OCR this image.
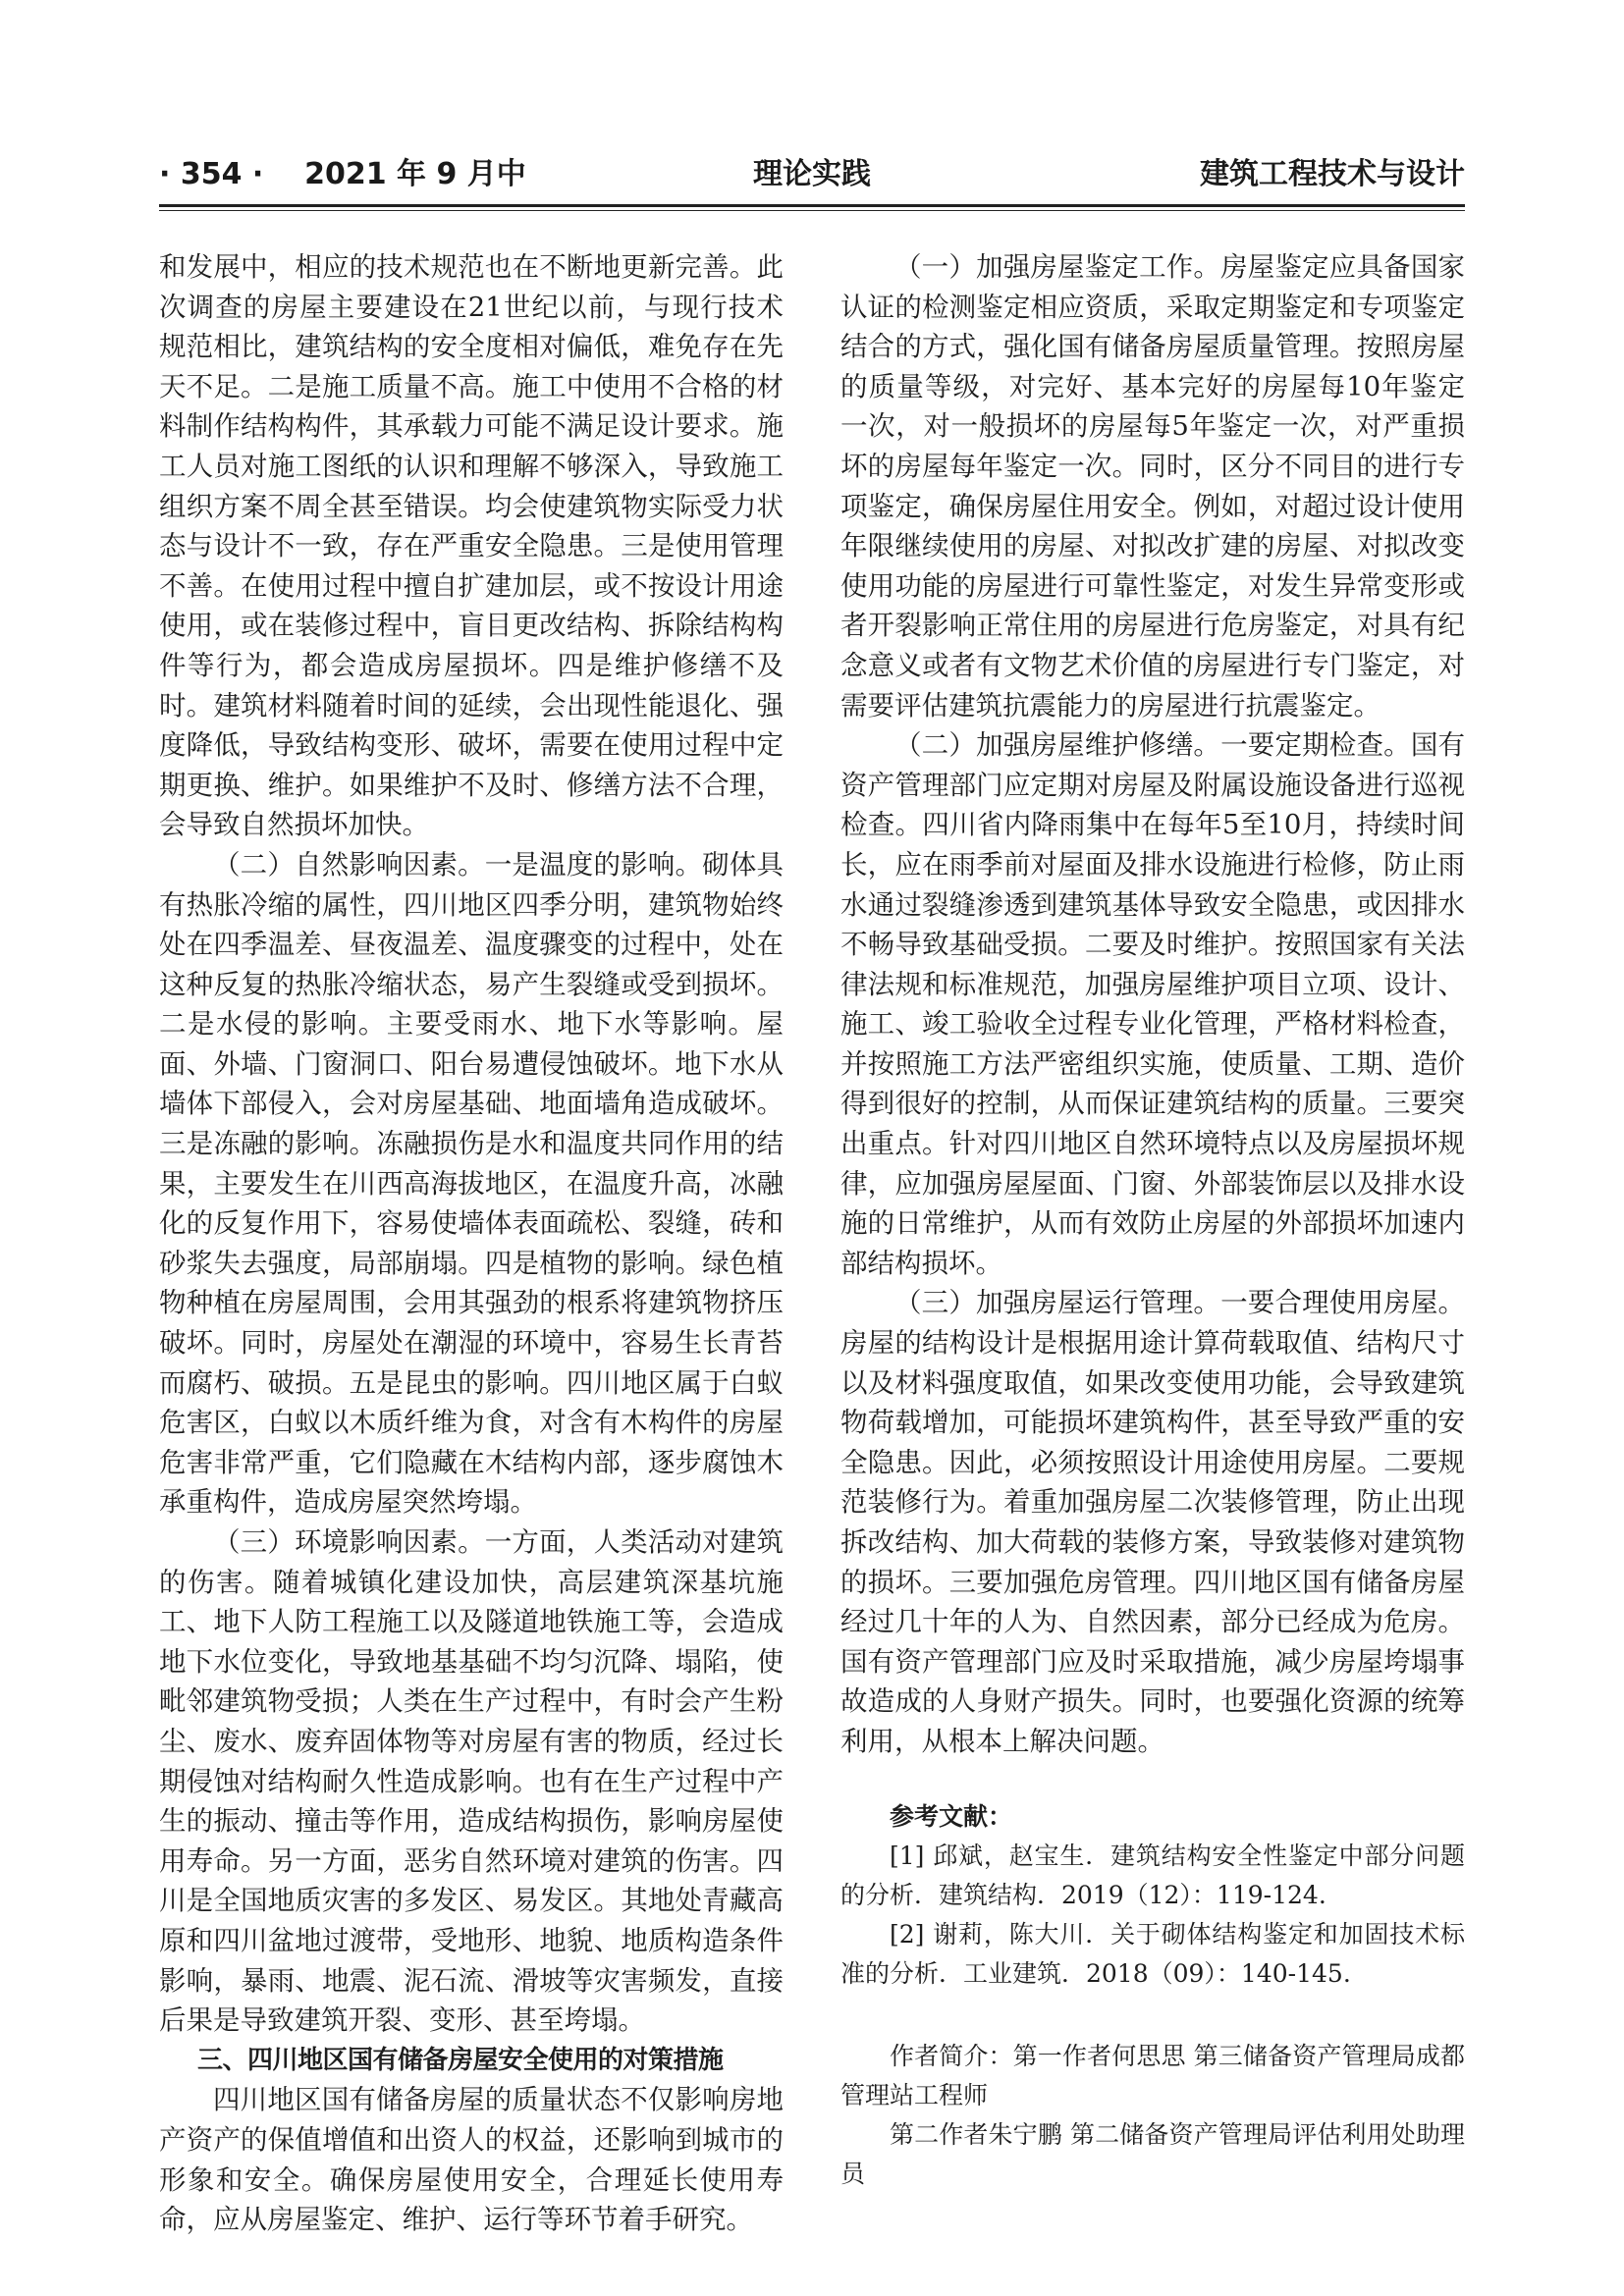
· 354 · 2021 年 9 月中	理论实践	建筑工程技术与设计

和发展中，相应的技术规范也在不断地更新完善。此次调查的房屋主要建设在21世纪以前，与现行技术规范相比，建筑结构的安全度相对偏低，难免存在先天不足。二是施工质量不高。施工中使用不合格的材料制作结构构件，其承载力可能不满足设计要求。施工人员对施工图纸的认识和理解不够深入，导致施工组织方案不周全甚至错误。均会使建筑物实际受力状态与设计不一致，存在严重安全隐患。三是使用管理不善。在使用过程中擅自扩建加层，或不按设计用途使用，或在装修过程中，盲目更改结构、拆除结构构件等行为，都会造成房屋损坏。四是维护修缮不及时。建筑材料随着时间的延续，会出现性能退化、强度降低，导致结构变形、破坏，需要在使用过程中定期更换、维护。如果维护不及时、修缮方法不合理，会导致自然损坏加快。

（二）自然影响因素。一是温度的影响。砌体具有热胀冷缩的属性，四川地区四季分明，建筑物始终处在四季温差、昼夜温差、温度骤变的过程中，处在这种反复的热胀冷缩状态，易产生裂缝或受到损坏。二是水侵的影响。主要受雨水、地下水等影响。屋面、外墙、门窗洞口、阳台易遭侵蚀破坏。地下水从墙体下部侵入，会对房屋基础、地面墙角造成破坏。三是冻融的影响。冻融损伤是水和温度共同作用的结果，主要发生在川西高海拔地区，在温度升高，冰融化的反复作用下，容易使墙体表面疏松、裂缝，砖和砂浆失去强度，局部崩塌。四是植物的影响。绿色植物种植在房屋周围，会用其强劲的根系将建筑物挤压破坏。同时，房屋处在潮湿的环境中，容易生长青苔而腐朽、破损。五是昆虫的影响。四川地区属于白蚁危害区，白蚁以木质纤维为食，对含有木构件的房屋危害非常严重，它们隐藏在木结构内部，逐步腐蚀木承重构件，造成房屋突然垮塌。

（三）环境影响因素。一方面，人类活动对建筑的伤害。随着城镇化建设加快，高层建筑深基坑施工、地下人防工程施工以及隧道地铁施工等，会造成地下水位变化，导致地基基础不均匀沉降、塌陷，使毗邻建筑物受损；人类在生产过程中，有时会产生粉尘、废水、废弃固体物等对房屋有害的物质，经过长期侵蚀对结构耐久性造成影响。也有在生产过程中产生的振动、撞击等作用，造成结构损伤，影响房屋使用寿命。另一方面，恶劣自然环境对建筑的伤害。四川是全国地质灾害的多发区、易发区。其地处青藏高原和四川盆地过渡带，受地形、地貌、地质构造条件影响，暴雨、地震、泥石流、滑坡等灾害频发，直接后果是导致建筑开裂、变形、甚至垮塌。

三、四川地区国有储备房屋安全使用的对策措施

四川地区国有储备房屋的质量状态不仅影响房地产资产的保值增值和出资人的权益，还影响到城市的形象和安全。确保房屋使用安全，合理延长使用寿命，应从房屋鉴定、维护、运行等环节着手研究。

（一）加强房屋鉴定工作。房屋鉴定应具备国家认证的检测鉴定相应资质，采取定期鉴定和专项鉴定结合的方式，强化国有储备房屋质量管理。按照房屋的质量等级，对完好、基本完好的房屋每10年鉴定一次，对一般损坏的房屋每5年鉴定一次，对严重损坏的房屋每年鉴定一次。同时，区分不同目的进行专项鉴定，确保房屋住用安全。例如，对超过设计使用年限继续使用的房屋、对拟改扩建的房屋、对拟改变使用功能的房屋进行可靠性鉴定，对发生异常变形或者开裂影响正常住用的房屋进行危房鉴定，对具有纪念意义或者有文物艺术价值的房屋进行专门鉴定，对需要评估建筑抗震能力的房屋进行抗震鉴定。

（二）加强房屋维护修缮。一要定期检查。国有资产管理部门应定期对房屋及附属设施设备进行巡视检查。四川省内降雨集中在每年5至10月，持续时间长，应在雨季前对屋面及排水设施进行检修，防止雨水通过裂缝渗透到建筑基体导致安全隐患，或因排水不畅导致基础受损。二要及时维护。按照国家有关法律法规和标准规范，加强房屋维护项目立项、设计、施工、竣工验收全过程专业化管理，严格材料检查，并按照施工方法严密组织实施，使质量、工期、造价得到很好的控制，从而保证建筑结构的质量。三要突出重点。针对四川地区自然环境特点以及房屋损坏规律，应加强房屋屋面、门窗、外部装饰层以及排水设施的日常维护，从而有效防止房屋的外部损坏加速内部结构损坏。

（三）加强房屋运行管理。一要合理使用房屋。房屋的结构设计是根据用途计算荷载取值、结构尺寸以及材料强度取值，如果改变使用功能，会导致建筑物荷载增加，可能损坏建筑构件，甚至导致严重的安全隐患。因此，必须按照设计用途使用房屋。二要规范装修行为。着重加强房屋二次装修管理，防止出现拆改结构、加大荷载的装修方案，导致装修对建筑物的损坏。三要加强危房管理。四川地区国有储备房屋经过几十年的人为、自然因素，部分已经成为危房。国有资产管理部门应及时采取措施，减少房屋垮塌事故造成的人身财产损失。同时，也要强化资源的统筹利用，从根本上解决问题。

参考文献：

[1] 邱斌，赵宝生．建筑结构安全性鉴定中部分问题的分析．建筑结构．2019（12）：119-124.

[2] 谢莉，陈大川．关于砌体结构鉴定和加固技术标准的分析．工业建筑．2018（09）：140-145.

作者简介：第一作者何思思 第三储备资产管理局成都管理站工程师

第二作者朱宁鹏 第二储备资产管理局评估利用处助理员
